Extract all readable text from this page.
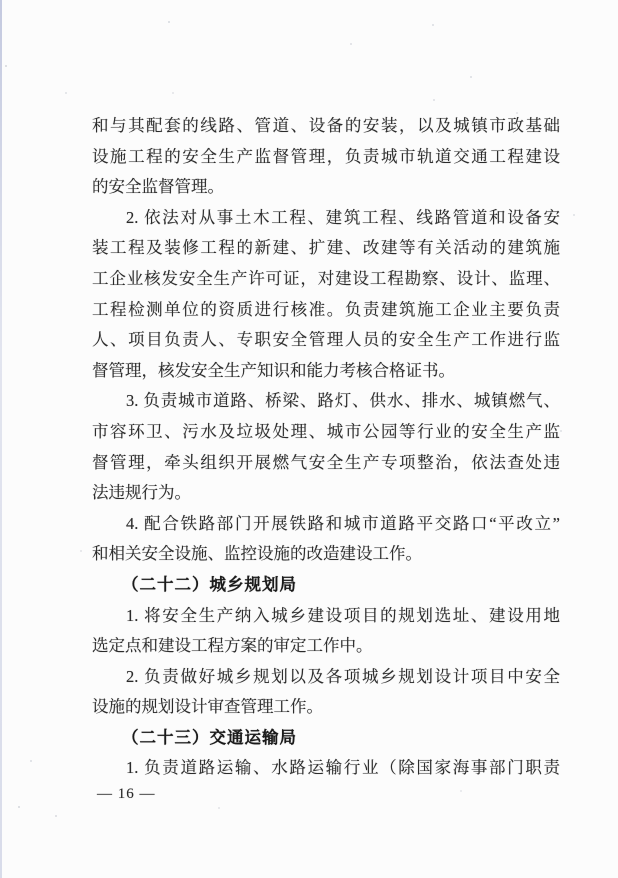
和与其配套的线路、管道、设备的安装，以及城镇市政基础

设施工程的安全生产监督管理，负责城市轨道交通工程建设

的安全监督管理。

2. 依法对从事土木工程、建筑工程、线路管道和设备安

装工程及装修工程的新建、扩建、改建等有关活动的建筑施

工企业核发安全生产许可证，对建设工程勘察、设计、监理、

工程检测单位的资质进行核准。负责建筑施工企业主要负责

人、项目负责人、专职安全管理人员的安全生产工作进行监

督管理，核发安全生产知识和能力考核合格证书。

3. 负责城市道路、桥梁、路灯、供水、排水、城镇燃气、

市容环卫、污水及垃圾处理、城市公园等行业的安全生产监

督管理，牵头组织开展燃气安全生产专项整治，依法查处违

法违规行为。

4. 配合铁路部门开展铁路和城市道路平交路口“平改立”

和相关安全设施、监控设施的改造建设工作。

（二十二）城乡规划局

1. 将安全生产纳入城乡建设项目的规划选址、建设用地

选定点和建设工程方案的审定工作中。

2. 负责做好城乡规划以及各项城乡规划设计项目中安全

设施的规划设计审查管理工作。

（二十三）交通运输局

1. 负责道路运输、水路运输行业（除国家海事部门职责

— 16 —
